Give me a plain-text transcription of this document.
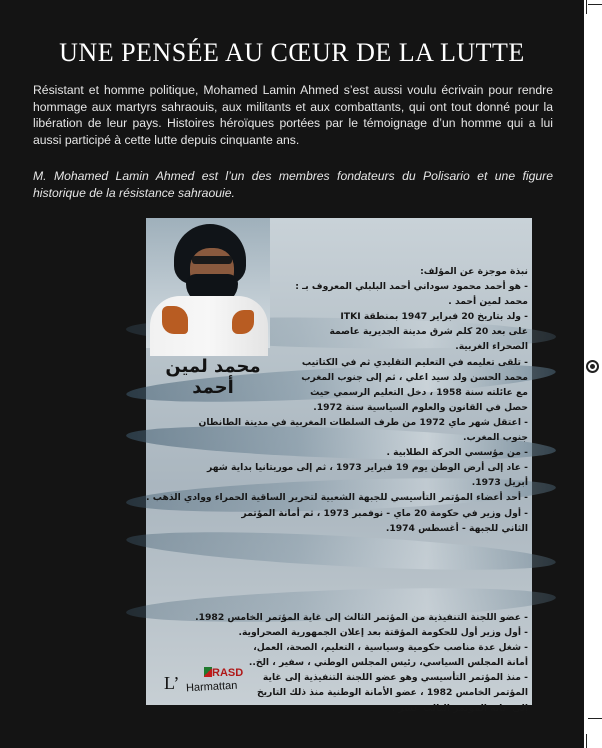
UNE PENSÉE AU CŒUR DE LA LUTTE

Résistant et homme politique, Mohamed Lamin Ahmed s’est aussi voulu écrivain pour rendre hommage aux martyrs sahraouis, aux militants et aux combattants, qui ont tout donné pour la libération de leur pays. Histoires héroïques portées par le témoignage d’un homme qui a lui aussi participé à cette lutte depuis cinquante ans.

M. Mohamed Lamin Ahmed est l’un des membres fondateurs du Polisario et une figure historique de la résistance sahraouie.

محمد لمين أحمد
نبذة موجزة عن المؤلف:
- هو أحمد محمود سوداني أحمد البلبلي المعروف بـ :
محمد لمين أحمد .
- ولد بتاريخ 20 فبراير 1947 بمنطقة ITKI
على بعد 20 كلم شرق مدينة الجديرية عاصمة
الصحراء الغربية.
- تلقى تعليمه في التعليم التقليدي ثم في الكتاتيب
محمد الحسن ولد سيد اعلي ، ثم إلى جنوب المغرب
مع عائلته سنة 1958 ، دخل التعليم الرسمي حيث
حصل في القانون والعلوم السياسية سنة 1972.
- اعتقل شهر ماي 1972 من طرف السلطات المغربية في مدينة الطانطان
جنوب المغرب.
- من مؤسسي الحركة الطلابية .
- عاد إلى أرض الوطن يوم 19 فبراير 1973 ، ثم إلى موريتانيا بداية شهر
أبريل 1973.
- أحد أعضاء المؤتمر التأسيسي للجبهة الشعبية لتحرير الساقية الحمراء ووادي الذهب .
- أول وزير في حكومة 20 ماي - نوفمبر 1973 ، ثم أمانة المؤتمر
الثاني للجبهة - أغسطس 1974.
- عضو اللجنة التنفيذية من المؤتمر الثالث إلى غاية المؤتمر الخامس 1982.
- أول وزير أول للحكومة المؤقتة بعد إعلان الجمهورية الصحراوية.
- شغل عدة مناصب حكومية وسياسية ، التعليم، الصحة، العمل،
أمانة المجلس السياسي، رئيس المجلس الوطني ، سفير ، الخ..
- منذ المؤتمر التأسيسي وهو عضو اللجنة التنفيذية إلى غاية
المؤتمر الخامس 1982 ، عضو الأمانة الوطنية منذ ذلك التاريخ
إلى غاية المؤتمر الثالث عشر .
L’	RASD
Harmattan
